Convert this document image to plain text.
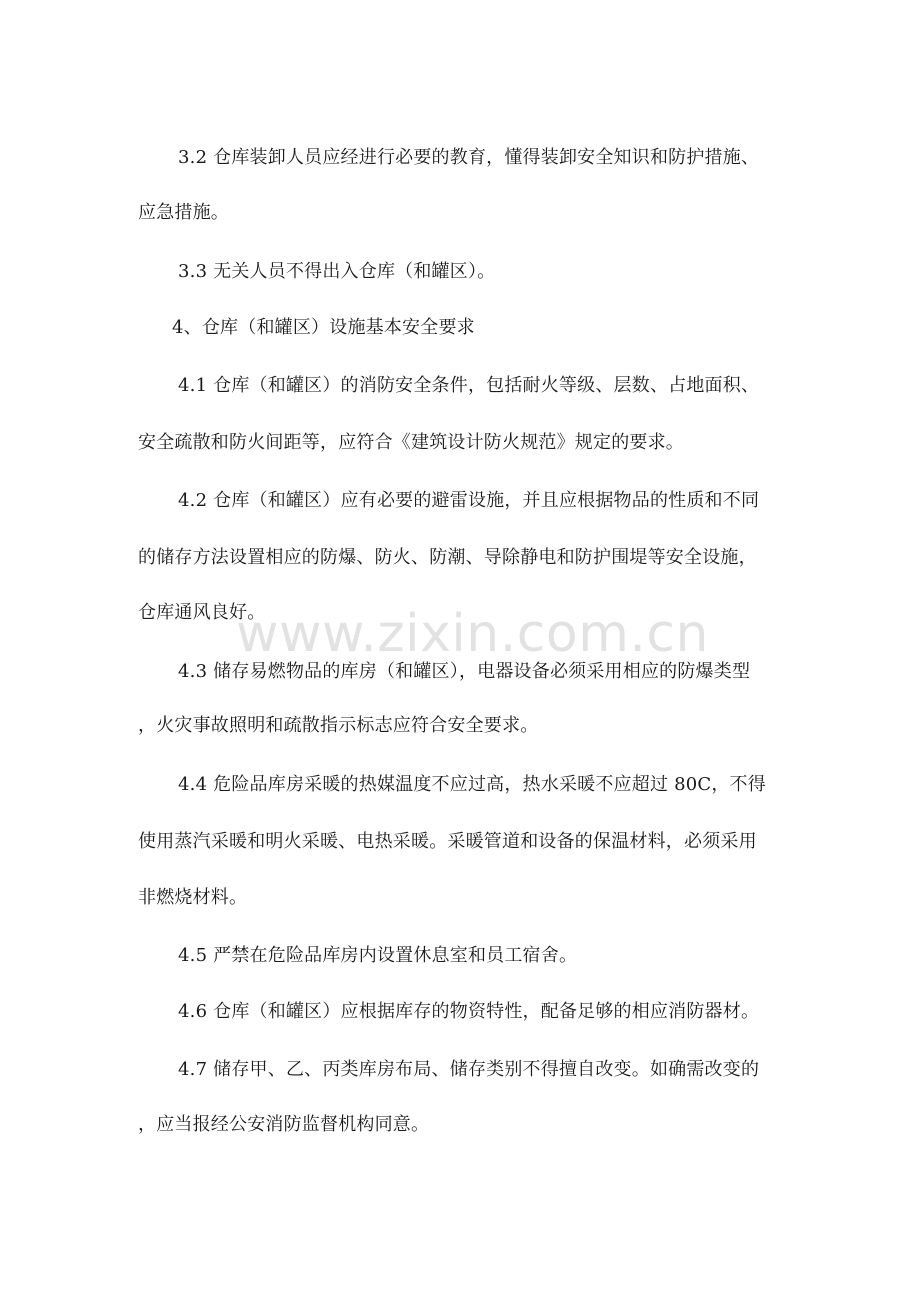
www.zixin.com.cn
3.2 仓库装卸人员应经进行必要的教育，懂得装卸安全知识和防护措施、
应急措施。
3.3 无关人员不得出入仓库（和罐区）。
4、仓库（和罐区）设施基本安全要求
4.1 仓库（和罐区）的消防安全条件，包括耐火等级、层数、占地面积、
安全疏散和防火间距等，应符合《建筑设计防火规范》规定的要求。
4.2 仓库（和罐区）应有必要的避雷设施，并且应根据物品的性质和不同
的储存方法设置相应的防爆、防火、防潮、导除静电和防护围堤等安全设施，
仓库通风良好。
4.3 储存易燃物品的库房（和罐区），电器设备必须采用相应的防爆类型
，火灾事故照明和疏散指示标志应符合安全要求。
4.4 危险品库房采暖的热媒温度不应过高，热水采暖不应超过 80C，不得
使用蒸汽采暖和明火采暖、电热采暖。采暖管道和设备的保温材料，必须采用
非燃烧材料。
4.5 严禁在危险品库房内设置休息室和员工宿舍。
4.6 仓库（和罐区）应根据库存的物资特性，配备足够的相应消防器材。
4.7 储存甲、乙、丙类库房布局、储存类别不得擅自改变。如确需改变的
，应当报经公安消防监督机构同意。
